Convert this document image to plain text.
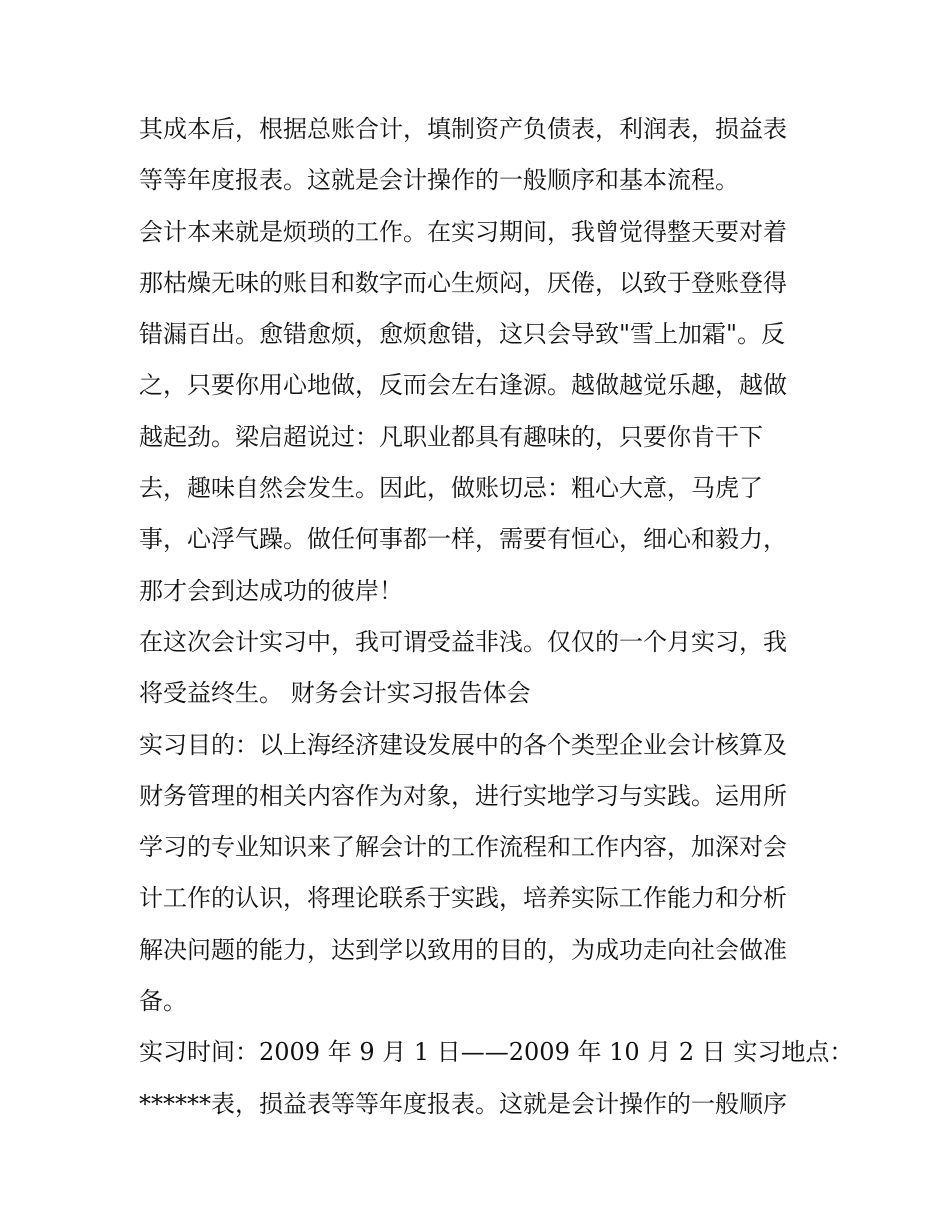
其成本后，根据总账合计，填制资产负债表，利润表，损益表
等等年度报表。这就是会计操作的一般顺序和基本流程。
会计本来就是烦琐的工作。在实习期间，我曾觉得整天要对着
那枯燥无味的账目和数字而心生烦闷，厌倦，以致于登账登得
错漏百出。愈错愈烦，愈烦愈错，这只会导致"雪上加霜"。反
之，只要你用心地做，反而会左右逢源。越做越觉乐趣，越做
越起劲。梁启超说过：凡职业都具有趣味的，只要你肯干下
去，趣味自然会发生。因此，做账切忌：粗心大意，马虎了
事，心浮气躁。做任何事都一样，需要有恒心，细心和毅力，
那才会到达成功的彼岸！
在这次会计实习中，我可谓受益非浅。仅仅的一个月实习，我
将受益终生。 财务会计实习报告体会
实习目的：以上海经济建设发展中的各个类型企业会计核算及
财务管理的相关内容作为对象，进行实地学习与实践。运用所
学习的专业知识来了解会计的工作流程和工作内容，加深对会
计工作的认识，将理论联系于实践，培养实际工作能力和分析
解决问题的能力，达到学以致用的目的，为成功走向社会做准
备。
实习时间：2009 年 9 月 1 日——2009 年 10 月 2 日 实习地点：
******表，损益表等等年度报表。这就是会计操作的一般顺序
